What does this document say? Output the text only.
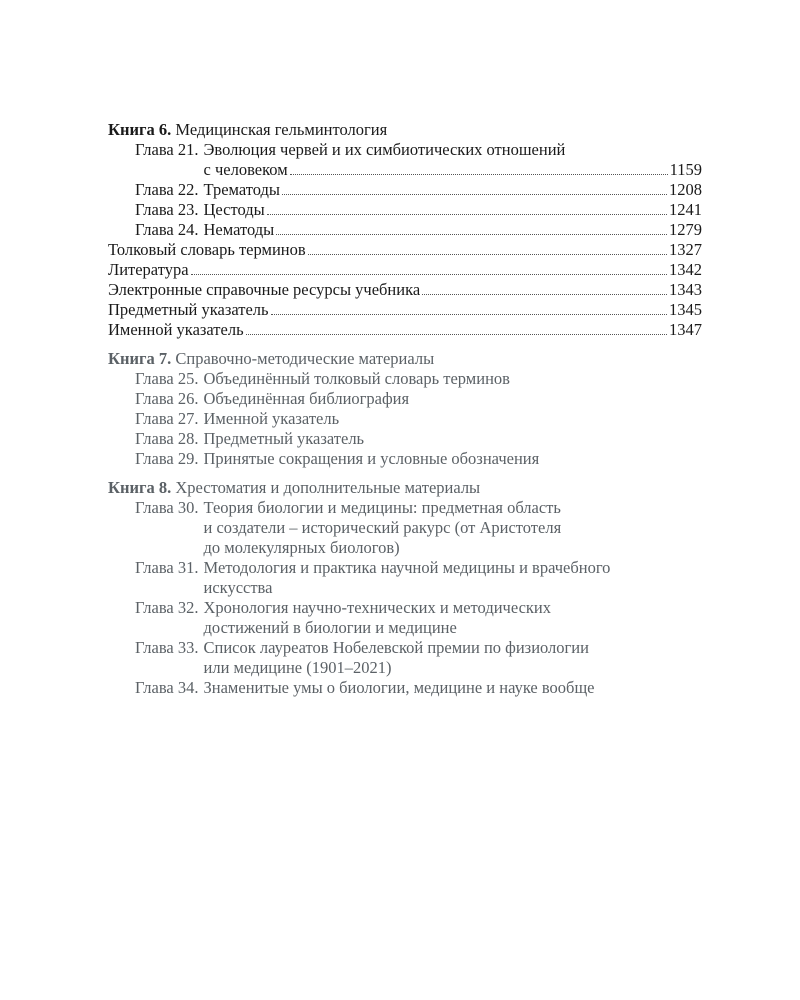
Книга 6. Медицинская гельминтология
Глава 21. Эволюция червей и их симбиотических отношений
с человеком	1159
Глава 22. Трематоды	1208
Глава 23. Цестоды	1241
Глава 24. Нематоды	1279
Толковый словарь терминов	1327
Литература	1342
Электронные справочные ресурсы учебника	1343
Предметный указатель	1345
Именной указатель	1347
Книга 7. Справочно-методические материалы
Глава 25. Объединённый толковый словарь терминов
Глава 26. Объединённая библиография
Глава 27. Именной указатель
Глава 28. Предметный указатель
Глава 29. Принятые сокращения и условные обозначения
Книга 8. Хрестоматия и дополнительные материалы
Глава 30. Теория биологии и медицины: предметная область
и создатели – исторический ракурс (от Аристотеля
до молекулярных биологов)
Глава 31. Методология и практика научной медицины и врачебного
искусства
Глава 32. Хронология научно-технических и методических
достижений в биологии и медицине
Глава 33. Список лауреатов Нобелевской премии по физиологии
или медицине (1901–2021)
Глава 34. Знаменитые умы о биологии, медицине и науке вообще
